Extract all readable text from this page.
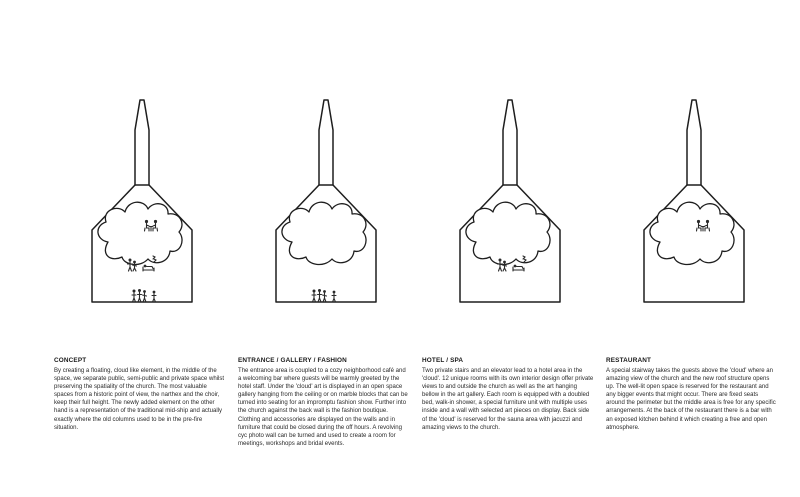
CONCEPT

By creating a floating, cloud like element, in the middle of the space, we separate public, semi-public and private space whilst preserving the spatiality of the church. The most valuable spaces from a historic point of view, the narthex and the choir, keep their full height. The newly added element on the other hand is a representation of the traditional mid-ship and actually exactly where the old columns used to be in the pre-fire situation.

ENTRANCE / GALLERY / FASHION

The entrance area is coupled to a cozy neighborhood café and a welcoming bar where guests will be warmly greeted by the hotel staff. Under the 'cloud' art is displayed in an open space gallery hanging from the ceiling or on marble blocks that can be turned into seating for an impromptu fashion show. Further into the church against the back wall is the fashion boutique. Clothing and accessories are displayed on the walls and in furniture that could be closed during the off hours. A revolving cyc photo wall can be turned and used to create a room for meetings, workshops and bridal events.

HOTEL / SPA

Two private stairs and an elevator lead to a hotel area in the 'cloud'. 12 unique rooms with its own interior design offer private views to and outside the church as well as the art hanging bellow in the art gallery. Each room is equipped with a doubled bed, walk-in shower, a special furniture unit with multiple uses inside and a wall with selected art pieces on display. Back side of the 'cloud' is reserved for the sauna area with jacuzzi and amazing views to the church.

RESTAURANT

A special stairway takes the guests above the 'cloud' where an amazing view of the church and the new roof structure opens up. The well-lit open space is reserved for the restaurant and any bigger events that might occur. There are fixed seats around the perimeter but the middle area is free for any specific arrangements. At the back of the restaurant there is a bar with an exposed kitchen behind it which creating a free and open atmosphere.
